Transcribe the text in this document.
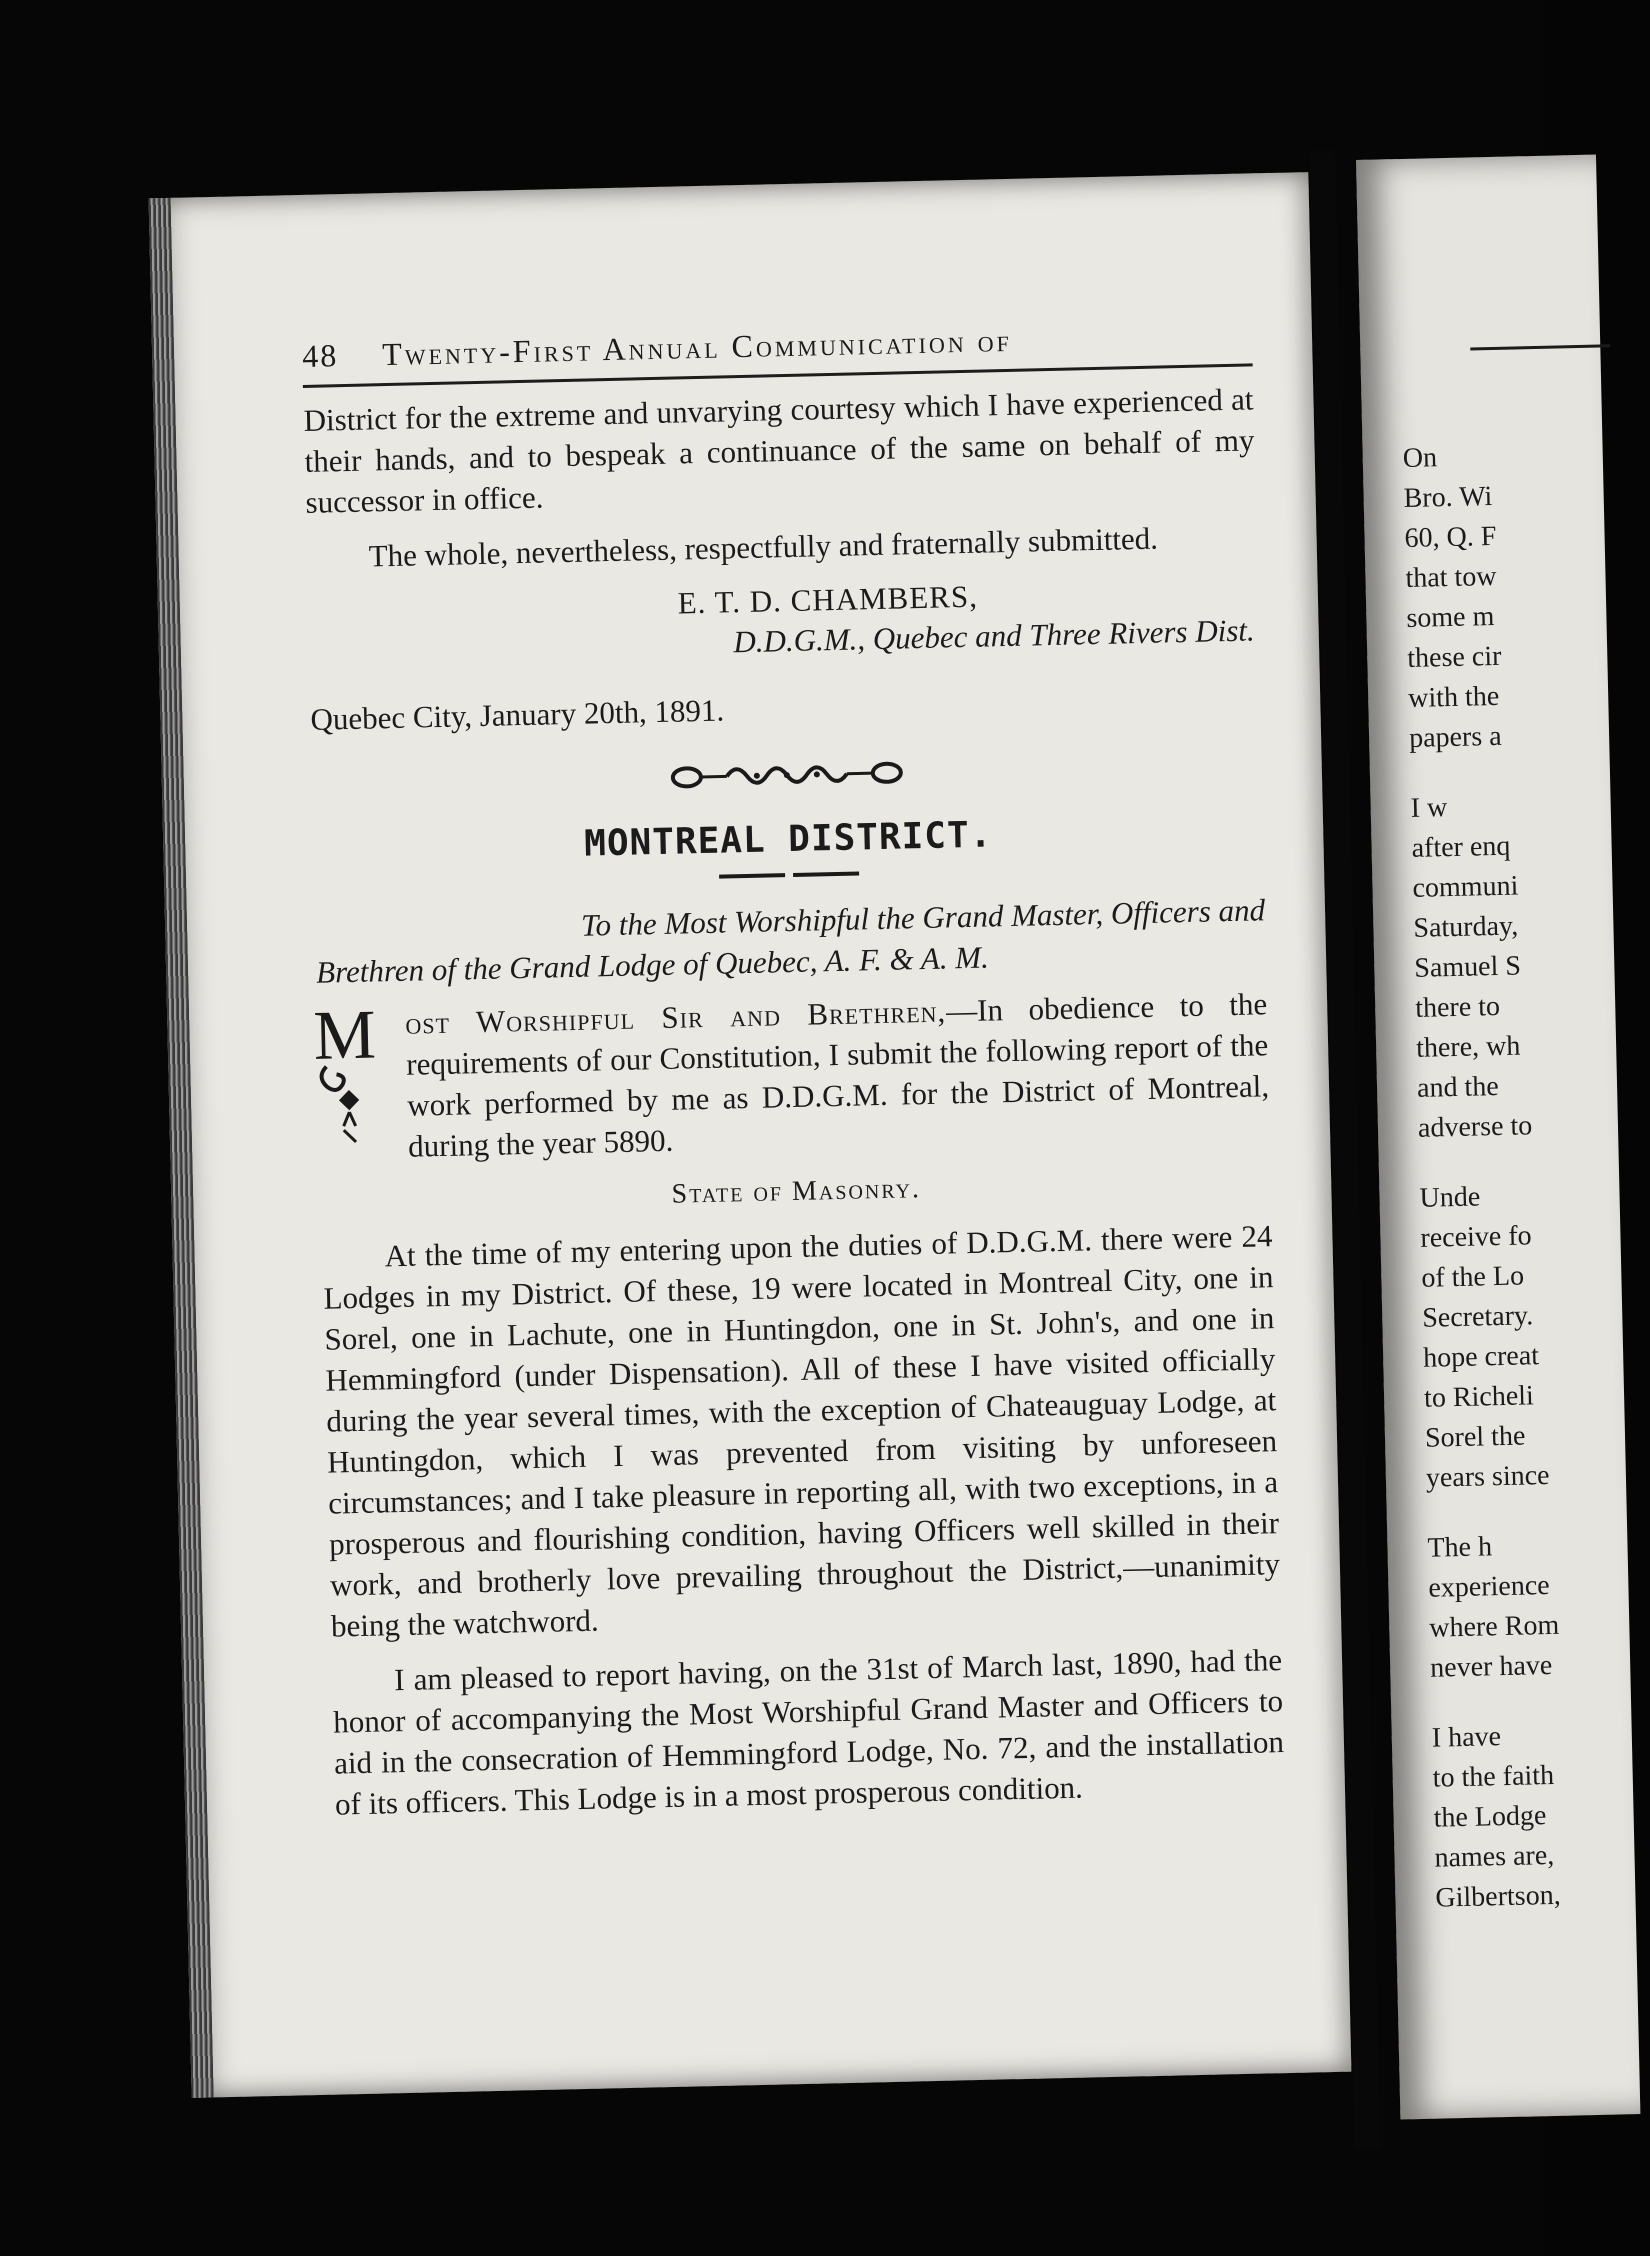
48	Twenty-First Annual Communication of

District for the extreme and unvarying courtesy which I have experienced at their hands, and to bespeak a continuance of the same on behalf of my successor in office.

The whole, nevertheless, respectfully and fraternally submitted.

E. T. D. CHAMBERS,
D.D.G.M., Quebec and Three Rivers Dist.
Quebec City, January 20th, 1891.
MONTREAL DISTRICT.
To the Most Worshipful the Grand Master, Officers and
Brethren of the Grand Lodge of Quebec, A. F. & A. M.
M ost Worshipful Sir and Brethren,—In obedience to the requirements of our Constitution, I submit the following report of the work performed by me as D.D.G.M. for the District of Montreal, during the year 5890.

State of Masonry.

At the time of my entering upon the duties of D.D.G.M. there were 24 Lodges in my District. Of these, 19 were located in Montreal City, one in Sorel, one in Lachute, one in Huntingdon, one in St. John's, and one in Hemmingford (under Dispensation). All of these I have visited officially during the year several times, with the exception of Chateauguay Lodge, at Huntingdon, which I was prevented from visiting by unforeseen circumstances; and I take pleasure in reporting all, with two exceptions, in a prosperous and flourishing condition, having Officers well skilled in their work, and brotherly love prevailing throughout the District,—unanimity being the watchword.

I am pleased to report having, on the 31st of March last, 1890, had the honor of accompanying the Most Worshipful Grand Master and Officers to aid in the consecration of Hemmingford Lodge, No. 72, and the installation of its officers. This Lodge is in a most prosperous condition.

On
Bro. Wi
60, Q. F
that tow
some m
these cir
with the
papers a
I w
after enq
communi
Saturday,
Samuel S
there to
there, wh
and the
adverse to
Unde
receive fo
of the Lo
Secretary.
hope creat
to Richeli
Sorel the
years since
The h
experience
where Rom
never have
I have
to the faith
the Lodge
names are,
Gilbertson,
